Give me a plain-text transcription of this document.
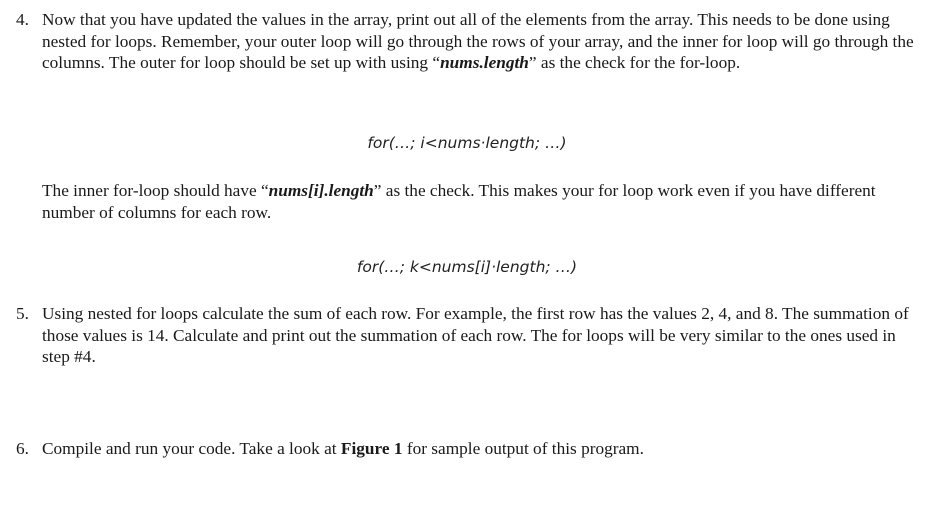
4. Now that you have updated the values in the array, print out all of the elements from the array. This needs to be done using nested for loops. Remember, your outer loop will go through the rows of your array, and the inner for loop will go through the columns. The outer for loop should be set up with using “nums.length” as the check for the for-loop.
for(…; i<nums·length; …)
The inner for-loop should have “nums[i].length” as the check. This makes your for loop work even if you have different number of columns for each row.
for(…; k<nums[i]·length; …)
5. Using nested for loops calculate the sum of each row. For example, the first row has the values 2, 4, and 8. The summation of those values is 14. Calculate and print out the summation of each row. The for loops will be very similar to the ones used in step #4.
6. Compile and run your code. Take a look at Figure 1 for sample output of this program.
